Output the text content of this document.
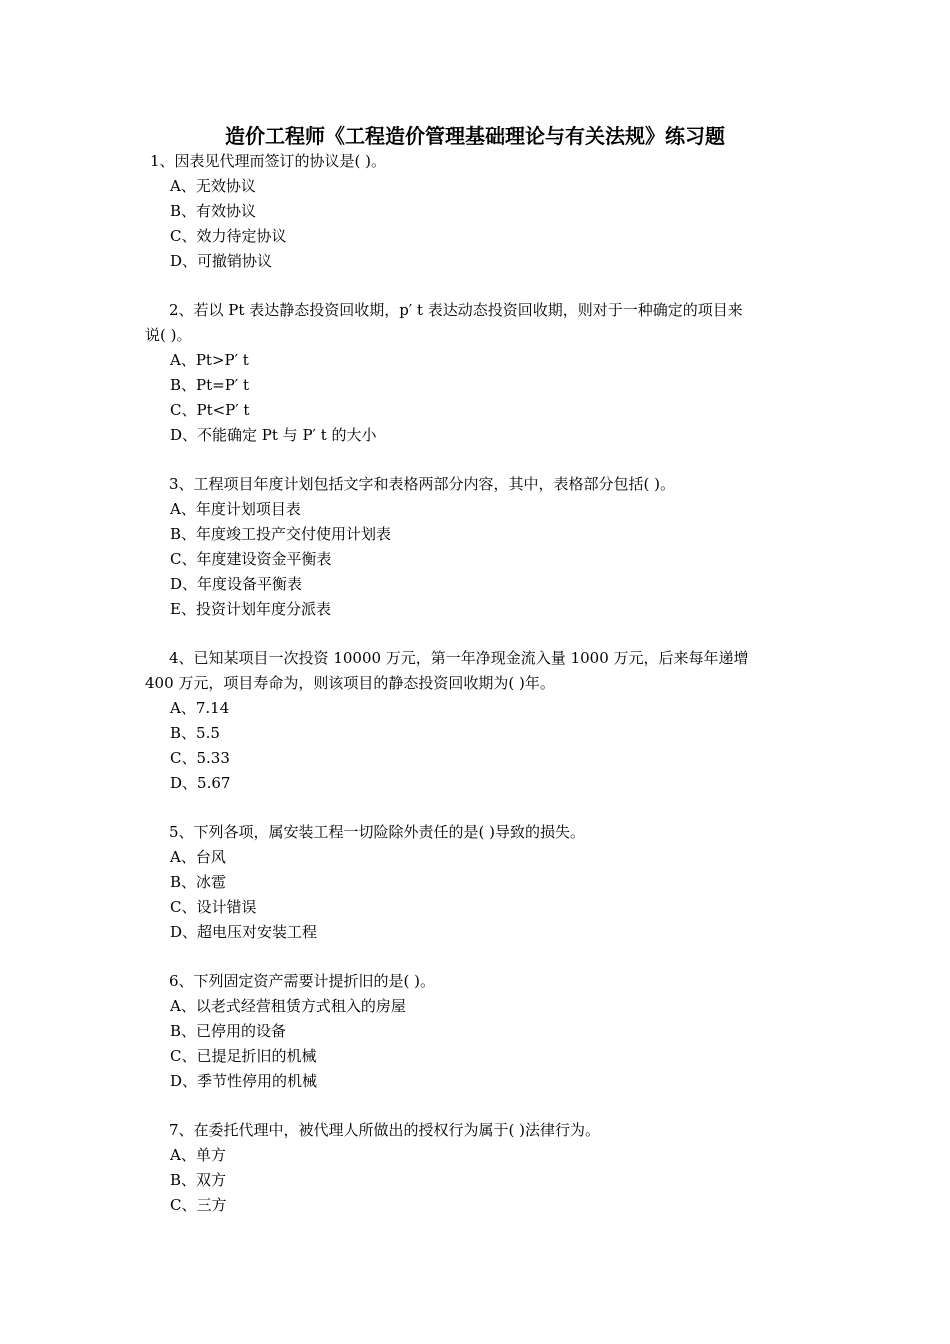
造价工程师《工程造价管理基础理论与有关法规》练习题
1、因表见代理而签订的协议是( )。
A、无效协议
B、有效协议
C、效力待定协议
D、可撤销协议
2、若以 Pt 表达静态投资回收期，p′ t 表达动态投资回收期，则对于一种确定的项目来
说( )。
A、Pt>P′ t
B、Pt=P′ t
C、Pt<P′ t
D、不能确定 Pt 与 P′ t 的大小
3、工程项目年度计划包括文字和表格两部分内容，其中，表格部分包括( )。
A、年度计划项目表
B、年度竣工投产交付使用计划表
C、年度建设资金平衡表
D、年度设备平衡表
E、投资计划年度分派表
4、已知某项目一次投资 10000 万元，第一年净现金流入量 1000 万元，后来每年递增
400 万元，项目寿命为，则该项目的静态投资回收期为( )年。
A、7.14
B、5.5
C、5.33
D、5.67
5、下列各项，属安装工程一切险除外责任的是( )导致的损失。
A、台风
B、冰雹
C、设计错误
D、超电压对安装工程
6、下列固定资产需要计提折旧的是( )。
A、以老式经营租赁方式租入的房屋
B、已停用的设备
C、已提足折旧的机械
D、季节性停用的机械
7、在委托代理中，被代理人所做出的授权行为属于( )法律行为。
A、单方
B、双方
C、三方
